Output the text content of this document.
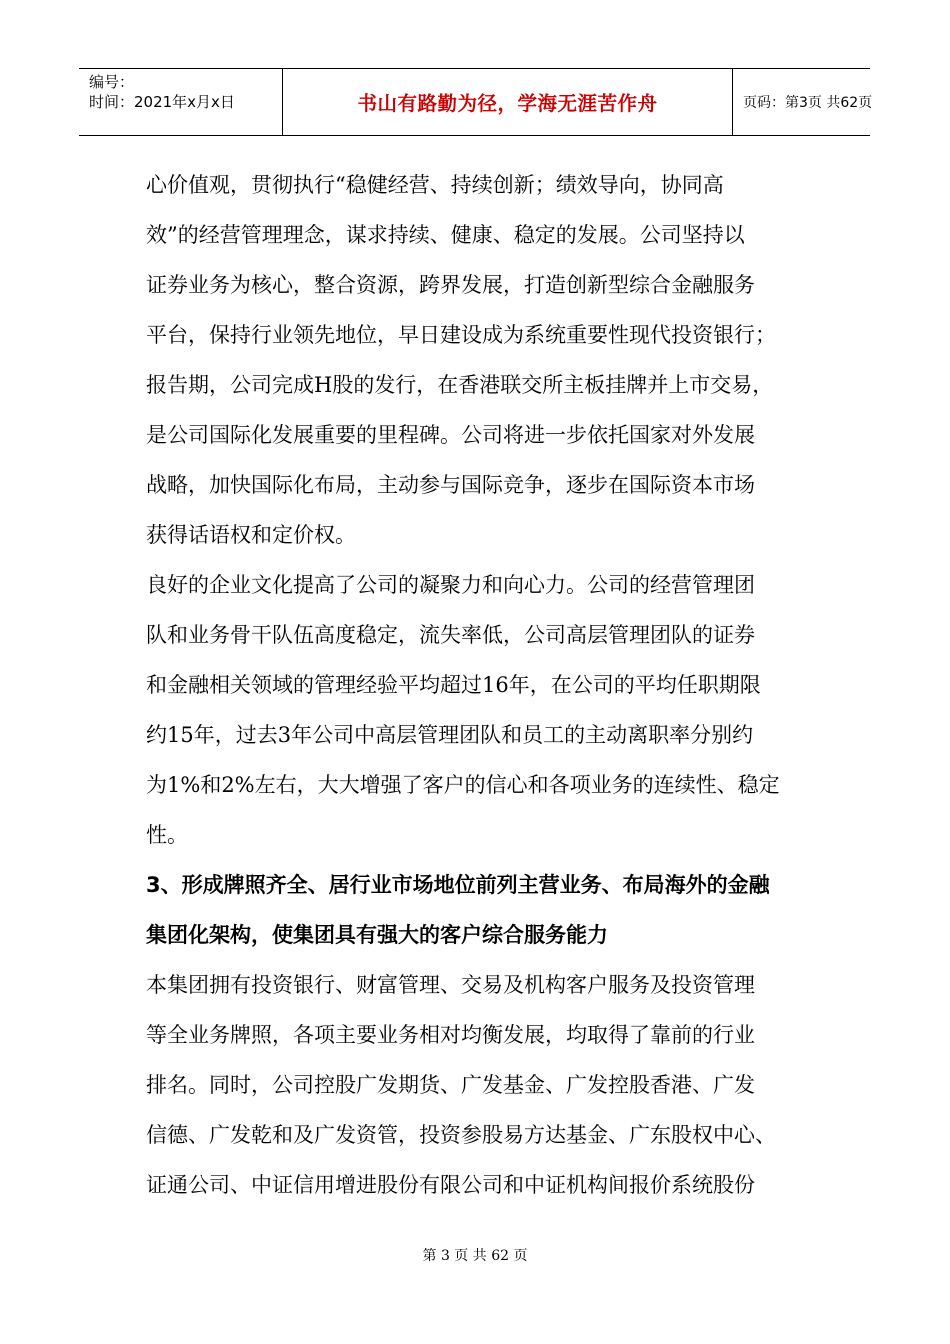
编号：
时间：2021年x月x日	书山有路勤为径，学海无涯苦作舟	页码：第3页 共62页
心价值观，贯彻执行“稳健经营、持续创新；绩效导向，协同高
效”的经营管理理念，谋求持续、健康、稳定的发展。公司坚持以
证券业务为核心，整合资源，跨界发展，打造创新型综合金融服务
平台，保持行业领先地位，早日建设成为系统重要性现代投资银行；
报告期，公司完成H股的发行，在香港联交所主板挂牌并上市交易，
是公司国际化发展重要的里程碑。公司将进一步依托国家对外发展
战略，加快国际化布局，主动参与国际竞争，逐步在国际资本市场
获得话语权和定价权。
良好的企业文化提高了公司的凝聚力和向心力。公司的经营管理团
队和业务骨干队伍高度稳定，流失率低，公司高层管理团队的证券
和金融相关领域的管理经验平均超过16年，在公司的平均任职期限
约15年，过去3年公司中高层管理团队和员工的主动离职率分别约
为1%和2%左右，大大增强了客户的信心和各项业务的连续性、稳定
性。
3、形成牌照齐全、居行业市场地位前列主营业务、布局海外的金融
集团化架构，使集团具有强大的客户综合服务能力
本集团拥有投资银行、财富管理、交易及机构客户服务及投资管理
等全业务牌照，各项主要业务相对均衡发展，均取得了靠前的行业
排名。同时，公司控股广发期货、广发基金、广发控股香港、广发
信德、广发乾和及广发资管，投资参股易方达基金、广东股权中心、
证通公司、中证信用增进股份有限公司和中证机构间报价系统股份
第 3 页 共 62 页
